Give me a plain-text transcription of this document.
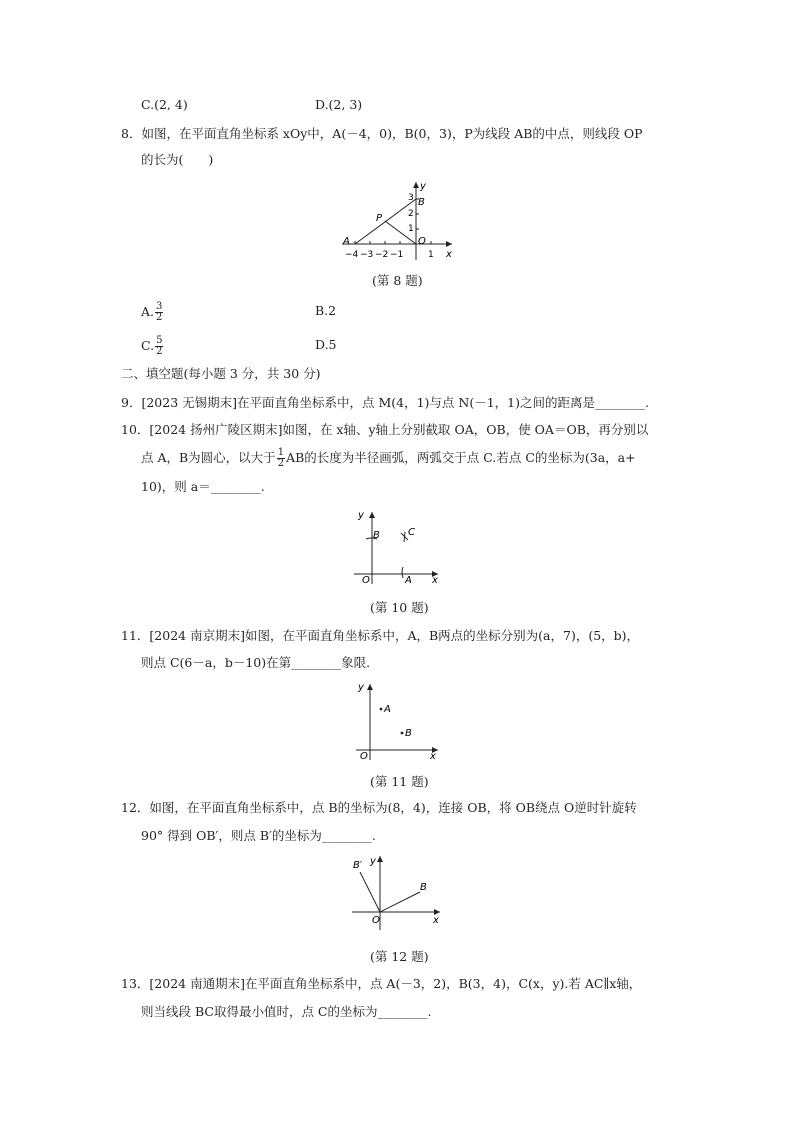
C.(2, 4)	D.(2, 3)
8．如图，在平面直角坐标系 xOy中，A(－4，0)，B(0，3)，P为线段 AB的中点，则线段 OP
的长为(　　)
A
B
P
O
x
y
3
2
1
−4 −3 −2 −1	1
(第 8 题)
A. $\frac{3}{2}$	B.2
C. $\frac{5}{2}$	D.5
二、填空题(每小题 3 分，共 30 分)
9．[2023 无锡期末]在平面直角坐标系中，点 M(4，1)与点 N(－1，1)之间的距离是________.
10．[2024 扬州广陵区期末]如图，在 x轴、y轴上分别截取 OA，OB，使 OA＝OB，再分别以
点 A，B为圆心，以大于 $\frac{1}{2}$ AB的长度为半径画弧，两弧交于点 C.若点 C的坐标为(3a，a+
10)，则 a＝________.
y
B	C
O	A x
(第 10 题)
11．[2024 南京期末]如图，在平面直角坐标系中，A，B两点的坐标分别为(a，7)，(5，b)，
则点 C(6－a，b－10)在第________象限.
y
A
B
O	x
(第 11 题)
12．如图，在平面直角坐标系中，点 B的坐标为(8，4)，连接 OB，将 OB绕点 O逆时针旋转
90° 得到 OB′，则点 B′的坐标为________.
B′ y
B
O	x
(第 12 题)
13．[2024 南通期末]在平面直角坐标系中，点 A(－3，2)，B(3，4)，C(x，y).若 AC∥x轴，
则当线段 BC取得最小值时，点 C的坐标为________.
